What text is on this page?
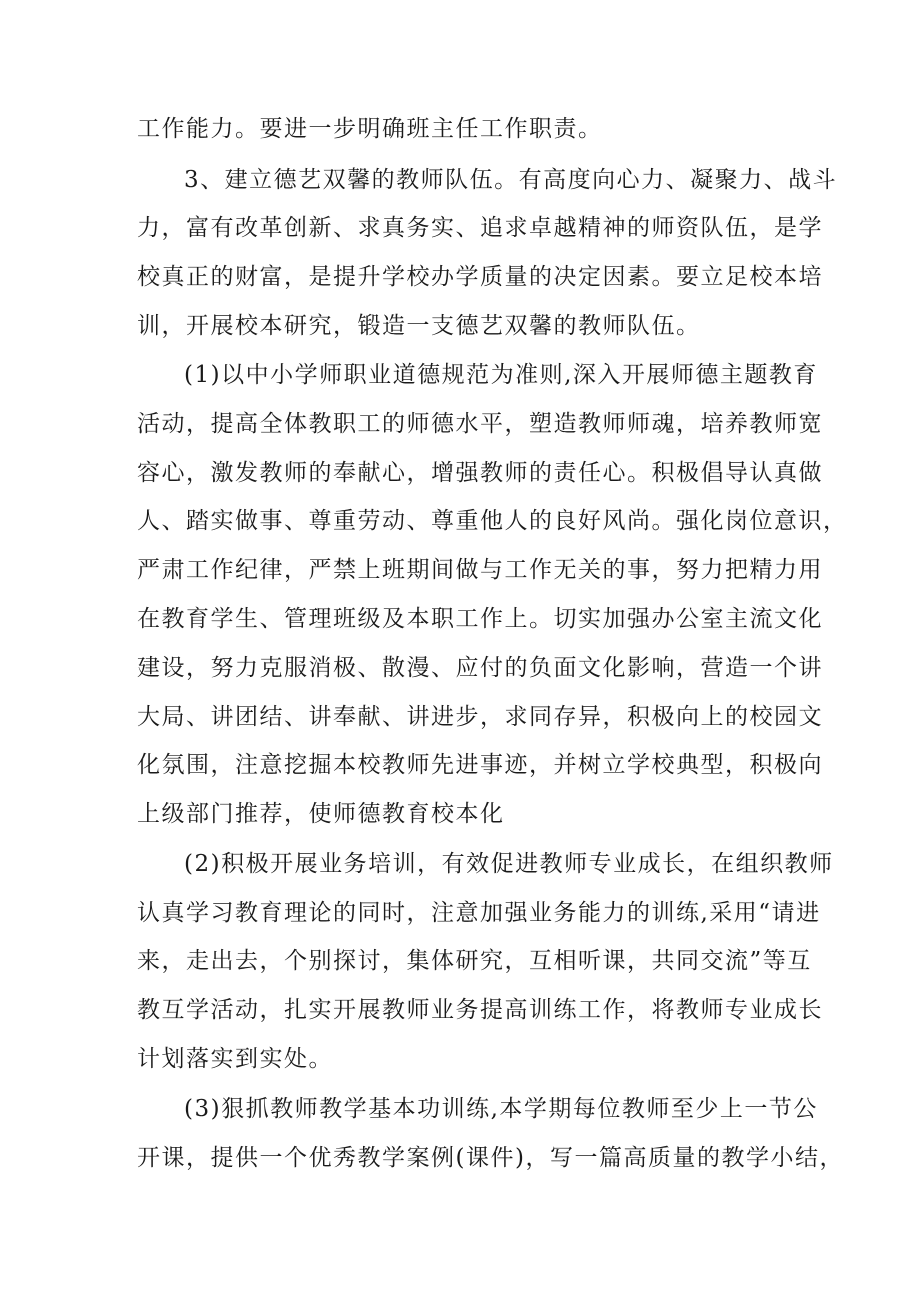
工作能力。要进一步明确班主任工作职责。
3、建立德艺双馨的教师队伍。有高度向心力、凝聚力、战斗
力，富有改革创新、求真务实、追求卓越精神的师资队伍，是学
校真正的财富，是提升学校办学质量的决定因素。要立足校本培
训，开展校本研究，锻造一支德艺双馨的教师队伍。
(1)以中小学师职业道德规范为准则,深入开展师德主题教育
活动，提高全体教职工的师德水平，塑造教师师魂，培养教师宽
容心，激发教师的奉献心，增强教师的责任心。积极倡导认真做
人、踏实做事、尊重劳动、尊重他人的良好风尚。强化岗位意识，
严肃工作纪律，严禁上班期间做与工作无关的事，努力把精力用
在教育学生、管理班级及本职工作上。切实加强办公室主流文化
建设，努力克服消极、散漫、应付的负面文化影响，营造一个讲
大局、讲团结、讲奉献、讲进步，求同存异，积极向上的校园文
化氛围，注意挖掘本校教师先进事迹，并树立学校典型，积极向
上级部门推荐，使师德教育校本化
(2)积极开展业务培训，有效促进教师专业成长，在组织教师
认真学习教育理论的同时，注意加强业务能力的训练,采用“请进
来，走出去，个别探讨，集体研究，互相听课，共同交流”等互
教互学活动，扎实开展教师业务提高训练工作，将教师专业成长
计划落实到实处。
(3)狠抓教师教学基本功训练,本学期每位教师至少上一节公
开课，提供一个优秀教学案例(课件)，写一篇高质量的教学小结，
